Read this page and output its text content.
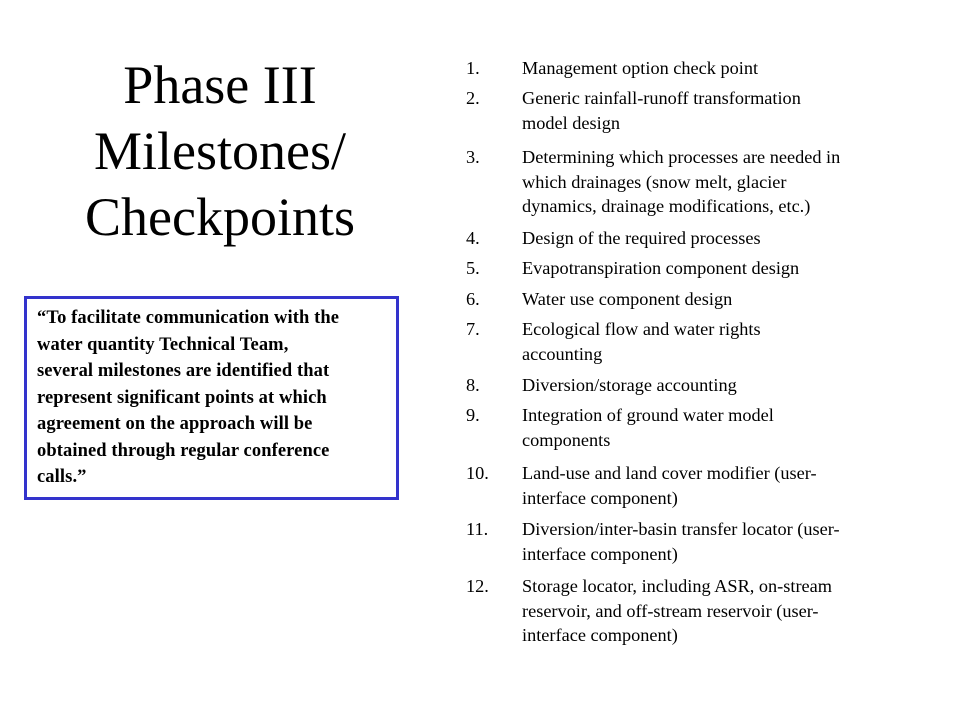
Phase III
Milestones/
Checkpoints
“To facilitate communication with the
water quantity Technical Team,
several milestones are identified that
represent significant points at which
agreement on the approach will be
obtained through regular conference
calls.”
1. Management option check point
2. Generic rainfall-runoff transformation
model design
3. Determining which processes are needed in
which drainages (snow melt, glacier
dynamics, drainage modifications, etc.)
4. Design of the required processes
5. Evapotranspiration component design
6. Water use component design
7. Ecological flow and water rights
accounting
8. Diversion/storage accounting
9. Integration of ground water model
components
10. Land-use and land cover modifier (user-
interface component)
11. Diversion/inter-basin transfer locator (user-
interface component)
12. Storage locator, including ASR, on-stream
reservoir, and off-stream reservoir (user-
interface component)
